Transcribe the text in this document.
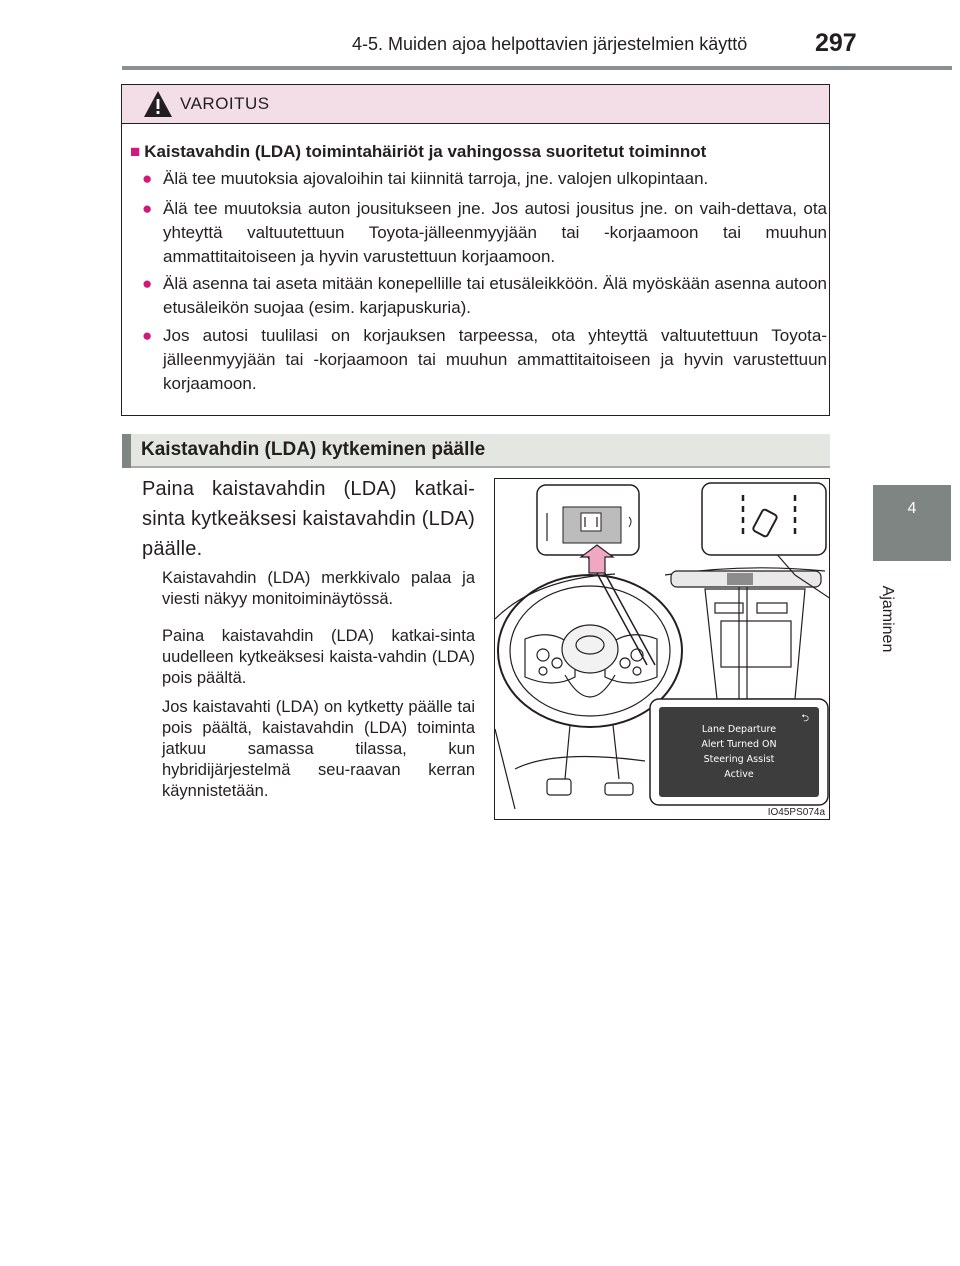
4-5. Muiden ajoa helpottavien järjestelmien käyttö	297
4
Ajaminen
VAROITUS
■ Kaistavahdin (LDA) toimintahäiriöt ja vahingossa suoritetut toiminnot
● Älä tee muutoksia ajovaloihin tai kiinnitä tarroja, jne. valojen ulkopintaan.
● Älä tee muutoksia auton jousitukseen jne. Jos autosi jousitus jne. on vaih-dettava, ota yhteyttä valtuutettuun Toyota-jälleenmyyjään tai -korjaamoon tai muuhun ammattitaitoiseen ja hyvin varustettuun korjaamoon.
● Älä asenna tai aseta mitään konepellille tai etusäleikköön. Älä myöskään asenna autoon etusäleikön suojaa (esim. karjapuskuria).
● Jos autosi tuulilasi on korjauksen tarpeessa, ota yhteyttä valtuutettuun Toyota-jälleenmyyjään tai -korjaamoon tai muuhun ammattitaitoiseen ja hyvin varustettuun korjaamoon.
Kaistavahdin (LDA) kytkeminen päälle
Paina kaistavahdin (LDA) katkai-sinta kytkeäksesi kaistavahdin (LDA) päälle.
Kaistavahdin (LDA) merkkivalo palaa ja viesti näkyy monitoiminäytössä.
Paina kaistavahdin (LDA) katkai-sinta uudelleen kytkeäksesi kaista-vahdin (LDA) pois päältä.
Jos kaistavahti (LDA) on kytketty päälle tai pois päältä, kaistavahdin (LDA) toiminta jatkuu samassa tilassa, kun hybridijärjestelmä seu-raavan kerran käynnistetään.
⮌
Lane Departure
Alert Turned ON
Steering Assist
Active
IO45PS074a
